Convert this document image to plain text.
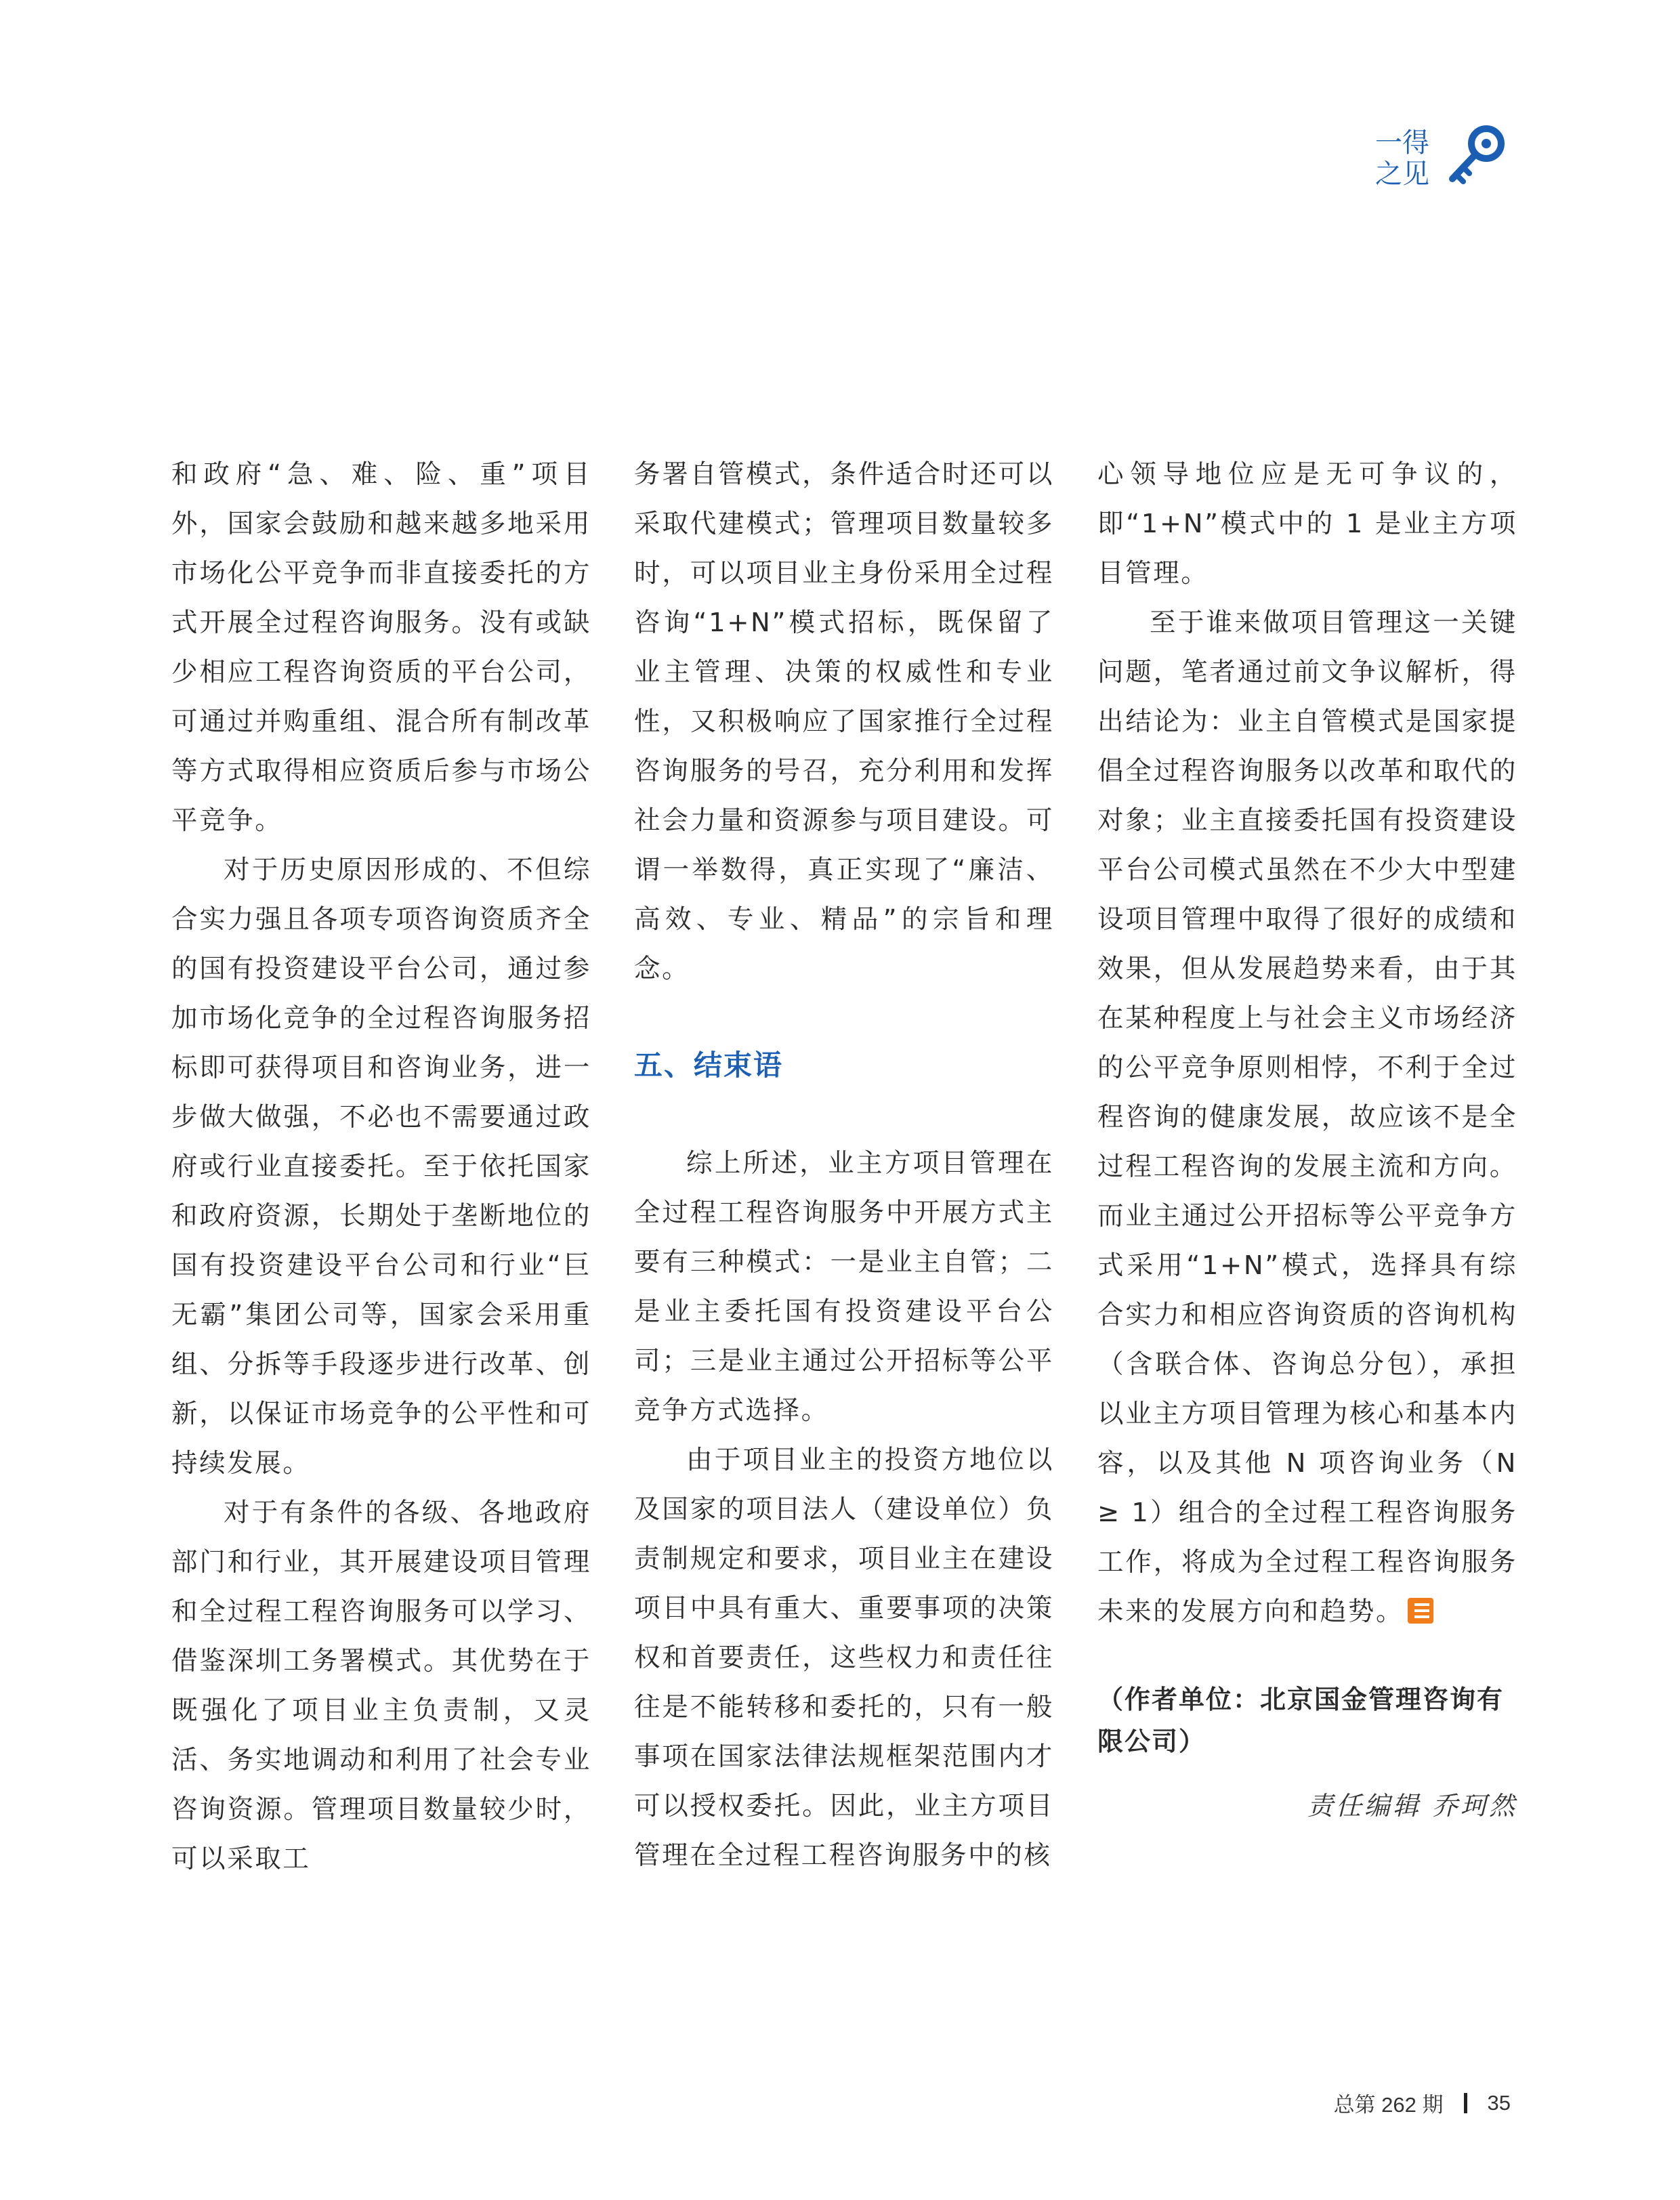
一得
之见

和政府“急、难、险、重”项目外，国家会鼓励和越来越多地采用市场化公平竞争而非直接委托的方式开展全过程咨询服务。没有或缺少相应工程咨询资质的平台公司，可通过并购重组、混合所有制改革等方式取得相应资质后参与市场公平竞争。

对于历史原因形成的、不但综合实力强且各项专项咨询资质齐全的国有投资建设平台公司，通过参加市场化竞争的全过程咨询服务招标即可获得项目和咨询业务，进一步做大做强，不必也不需要通过政府或行业直接委托。至于依托国家和政府资源，长期处于垄断地位的国有投资建设平台公司和行业“巨无霸”集团公司等，国家会采用重组、分拆等手段逐步进行改革、创新，以保证市场竞争的公平性和可持续发展。

对于有条件的各级、各地政府部门和行业，其开展建设项目管理和全过程工程咨询服务可以学习、借鉴深圳工务署模式。其优势在于既强化了项目业主负责制，又灵活、务实地调动和利用了社会专业咨询资源。管理项目数量较少时，可以采取工

务署自管模式，条件适合时还可以采取代建模式；管理项目数量较多时，可以项目业主身份采用全过程咨询“1+N”模式招标，既保留了业主管理、决策的权威性和专业性，又积极响应了国家推行全过程咨询服务的号召，充分利用和发挥社会力量和资源参与项目建设。可谓一举数得，真正实现了“廉洁、高效、专业、精品”的宗旨和理念。

五、结束语

综上所述，业主方项目管理在全过程工程咨询服务中开展方式主要有三种模式：一是业主自管；二是业主委托国有投资建设平台公司；三是业主通过公开招标等公平竞争方式选择。

由于项目业主的投资方地位以及国家的项目法人（建设单位）负责制规定和要求，项目业主在建设项目中具有重大、重要事项的决策权和首要责任，这些权力和责任往往是不能转移和委托的，只有一般事项在国家法律法规框架范围内才可以授权委托。因此，业主方项目管理在全过程工程咨询服务中的核

心领导地位应是无可争议的，即“1+N”模式中的 1 是业主方项目管理。

至于谁来做项目管理这一关键问题，笔者通过前文争议解析，得出结论为：业主自管模式是国家提倡全过程咨询服务以改革和取代的对象；业主直接委托国有投资建设平台公司模式虽然在不少大中型建设项目管理中取得了很好的成绩和效果，但从发展趋势来看，由于其在某种程度上与社会主义市场经济的公平竞争原则相悖，不利于全过程咨询的健康发展，故应该不是全过程工程咨询的发展主流和方向。而业主通过公开招标等公平竞争方式采用“1+N”模式，选择具有综合实力和相应咨询资质的咨询机构（含联合体、咨询总分包），承担以业主方项目管理为核心和基本内容，以及其他 N 项咨询业务（N ≥ 1）组合的全过程工程咨询服务工作，将成为全过程工程咨询服务未来的发展方向和趋势。

（作者单位：北京国金管理咨询有限公司）

责任编辑 乔珂然

总第 262 期 35
